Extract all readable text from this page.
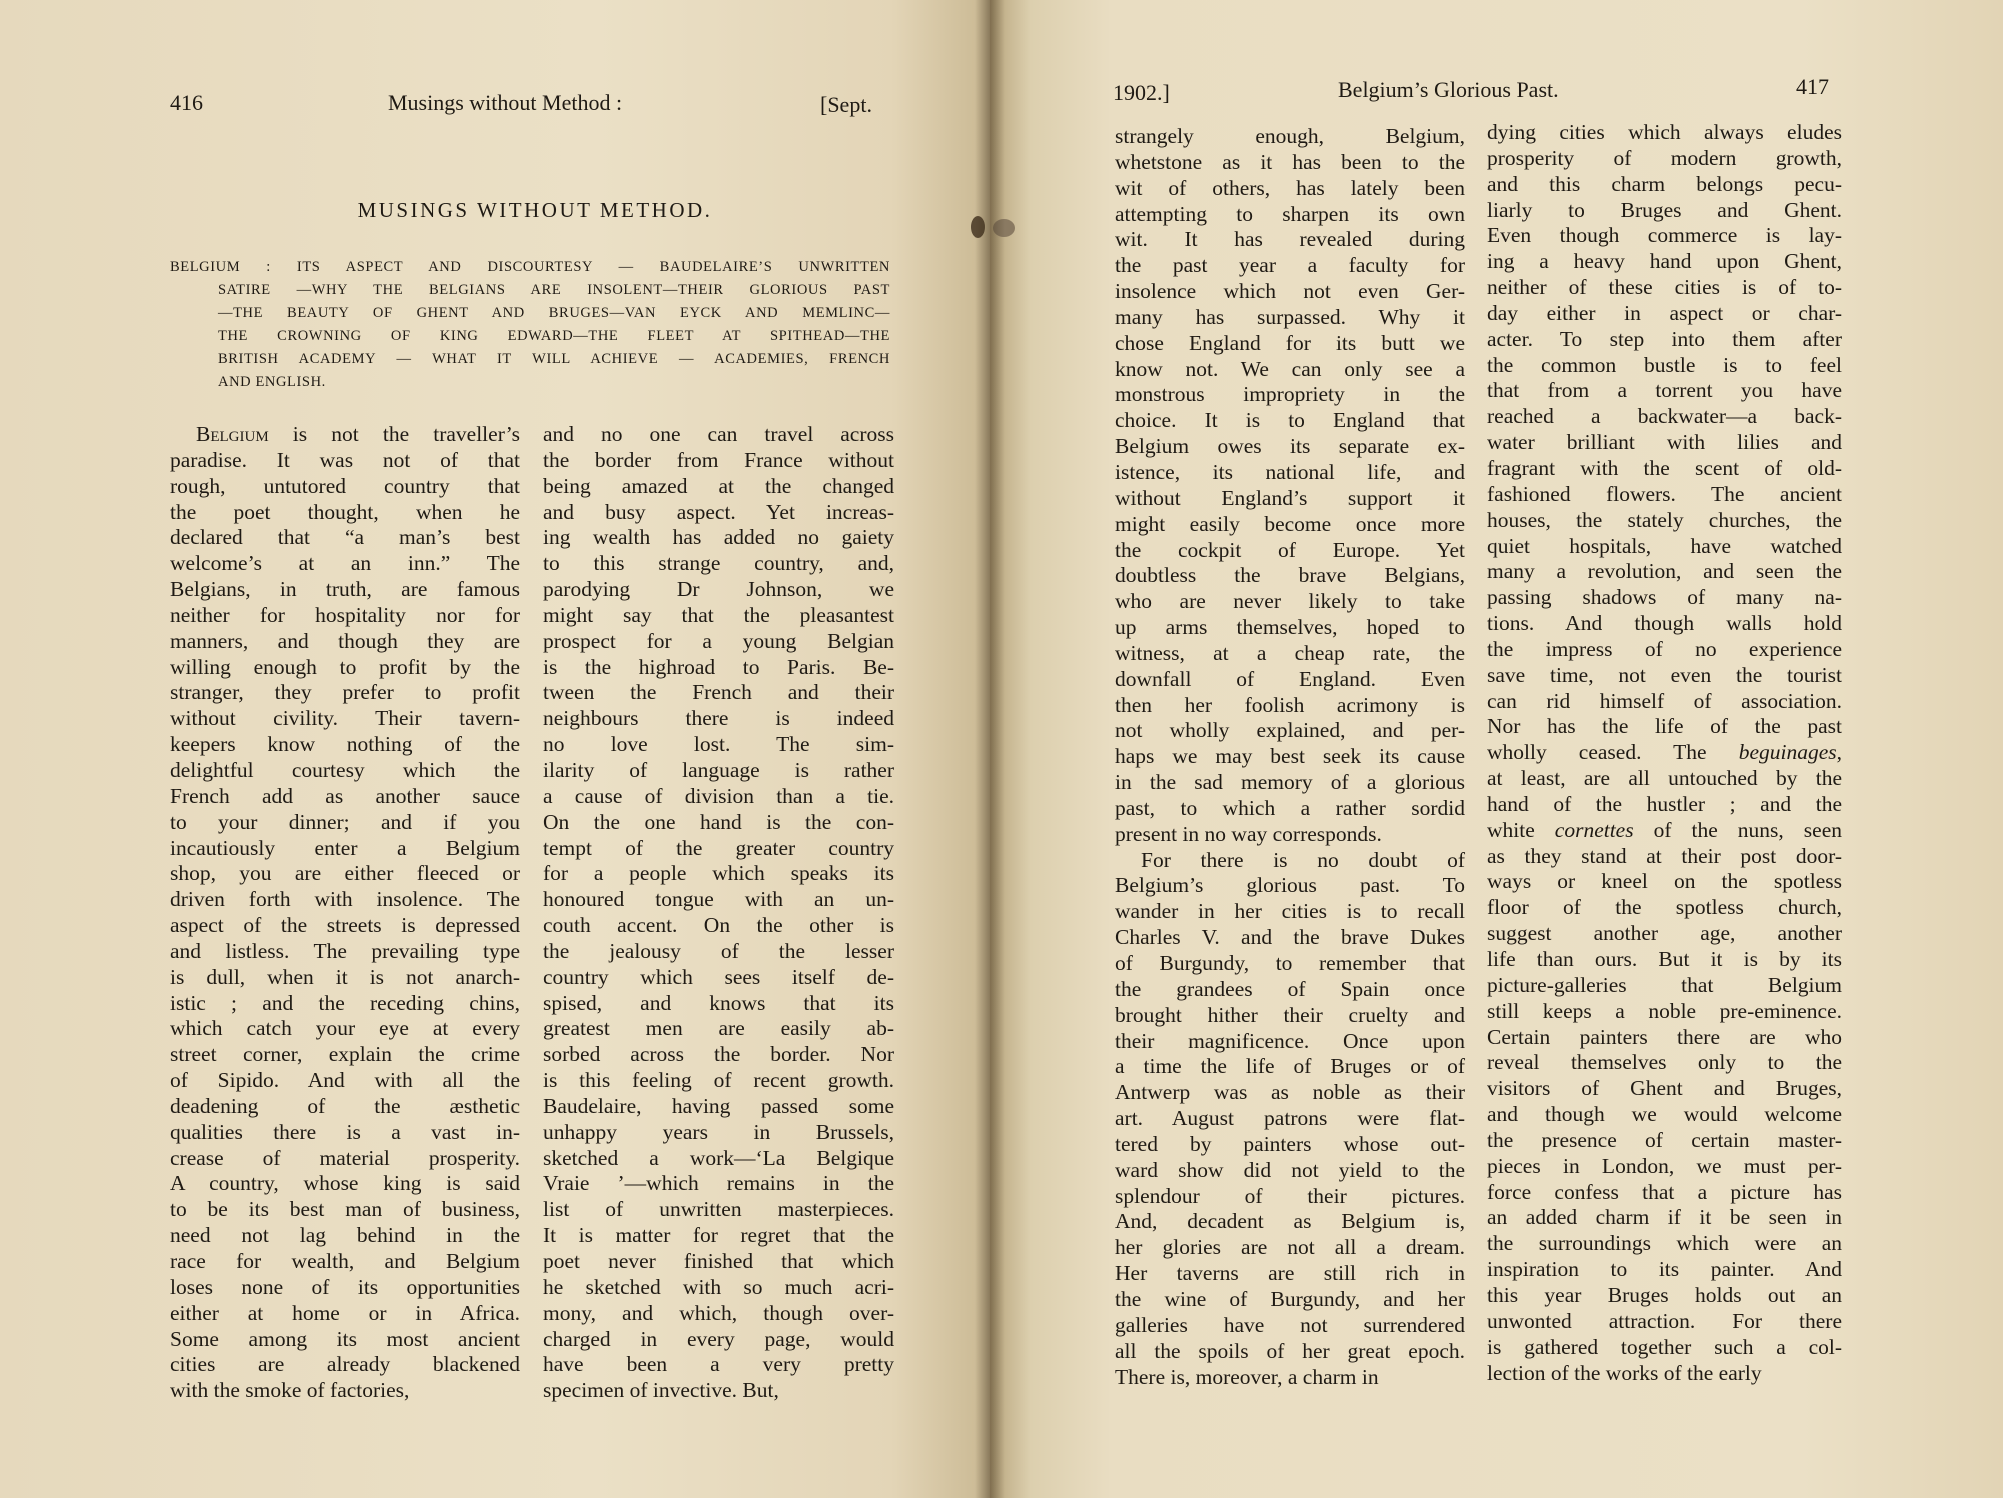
416	Musings without Method :	[Sept.
MUSINGS WITHOUT METHOD.
BELGIUM : ITS ASPECT AND DISCOURTESY — BAUDELAIRE’S UNWRITTEN
SATIRE —WHY THE BELGIANS ARE INSOLENT—THEIR GLORIOUS PAST
—THE BEAUTY OF GHENT AND BRUGES—VAN EYCK AND MEMLINC—
THE CROWNING OF KING EDWARD—THE FLEET AT SPITHEAD—THE
BRITISH ACADEMY — WHAT IT WILL ACHIEVE — ACADEMIES, FRENCH
AND ENGLISH.
Belgium is not the traveller’s
paradise. It was not of that
rough, untutored country that
the poet thought, when he
declared that “a man’s best
welcome’s at an inn.” The
Belgians, in truth, are famous
neither for hospitality nor for
manners, and though they are
willing enough to profit by the
stranger, they prefer to profit
without civility. Their tavern-
keepers know nothing of the
delightful courtesy which the
French add as another sauce
to your dinner; and if you
incautiously enter a Belgium
shop, you are either fleeced or
driven forth with insolence. The
aspect of the streets is depressed
and listless. The prevailing type
is dull, when it is not anarch-
istic ; and the receding chins,
which catch your eye at every
street corner, explain the crime
of Sipido. And with all the
deadening of the æsthetic
qualities there is a vast in-
crease of material prosperity.
A country, whose king is said
to be its best man of business,
need not lag behind in the
race for wealth, and Belgium
loses none of its opportunities
either at home or in Africa.
Some among its most ancient
cities are already blackened
with the smoke of factories,
and no one can travel across
the border from France without
being amazed at the changed
and busy aspect. Yet increas-
ing wealth has added no gaiety
to this strange country, and,
parodying Dr Johnson, we
might say that the pleasantest
prospect for a young Belgian
is the highroad to Paris. Be-
tween the French and their
neighbours there is indeed
no love lost. The sim-
ilarity of language is rather
a cause of division than a tie.
On the one hand is the con-
tempt of the greater country
for a people which speaks its
honoured tongue with an un-
couth accent. On the other is
the jealousy of the lesser
country which sees itself de-
spised, and knows that its
greatest men are easily ab-
sorbed across the border. Nor
is this feeling of recent growth.
Baudelaire, having passed some
unhappy years in Brussels,
sketched a work—‘La Belgique
Vraie ’—which remains in the
list of unwritten masterpieces.
It is matter for regret that the
poet never finished that which
he sketched with so much acri-
mony, and which, though over-
charged in every page, would
have been a very pretty
specimen of invective. But,
1902.]	Belgium’s Glorious Past.	417
strangely enough, Belgium,
whetstone as it has been to the
wit of others, has lately been
attempting to sharpen its own
wit. It has revealed during
the past year a faculty for
insolence which not even Ger-
many has surpassed. Why it
chose England for its butt we
know not. We can only see a
monstrous impropriety in the
choice. It is to England that
Belgium owes its separate ex-
istence, its national life, and
without England’s support it
might easily become once more
the cockpit of Europe. Yet
doubtless the brave Belgians,
who are never likely to take
up arms themselves, hoped to
witness, at a cheap rate, the
downfall of England. Even
then her foolish acrimony is
not wholly explained, and per-
haps we may best seek its cause
in the sad memory of a glorious
past, to which a rather sordid
present in no way corresponds.
For there is no doubt of
Belgium’s glorious past. To
wander in her cities is to recall
Charles V. and the brave Dukes
of Burgundy, to remember that
the grandees of Spain once
brought hither their cruelty and
their magnificence. Once upon
a time the life of Bruges or of
Antwerp was as noble as their
art. August patrons were flat-
tered by painters whose out-
ward show did not yield to the
splendour of their pictures.
And, decadent as Belgium is,
her glories are not all a dream.
Her taverns are still rich in
the wine of Burgundy, and her
galleries have not surrendered
all the spoils of her great epoch.
There is, moreover, a charm in
dying cities which always eludes
prosperity of modern growth,
and this charm belongs pecu-
liarly to Bruges and Ghent.
Even though commerce is lay-
ing a heavy hand upon Ghent,
neither of these cities is of to-
day either in aspect or char-
acter. To step into them after
the common bustle is to feel
that from a torrent you have
reached a backwater—a back-
water brilliant with lilies and
fragrant with the scent of old-
fashioned flowers. The ancient
houses, the stately churches, the
quiet hospitals, have watched
many a revolution, and seen the
passing shadows of many na-
tions. And though walls hold
the impress of no experience
save time, not even the tourist
can rid himself of association.
Nor has the life of the past
wholly ceased. The beguinages,
at least, are all untouched by the
hand of the hustler ; and the
white cornettes of the nuns, seen
as they stand at their post door-
ways or kneel on the spotless
floor of the spotless church,
suggest another age, another
life than ours. But it is by its
picture-galleries that Belgium
still keeps a noble pre-eminence.
Certain painters there are who
reveal themselves only to the
visitors of Ghent and Bruges,
and though we would welcome
the presence of certain master-
pieces in London, we must per-
force confess that a picture has
an added charm if it be seen in
the surroundings which were an
inspiration to its painter. And
this year Bruges holds out an
unwonted attraction. For there
is gathered together such a col-
lection of the works of the early
